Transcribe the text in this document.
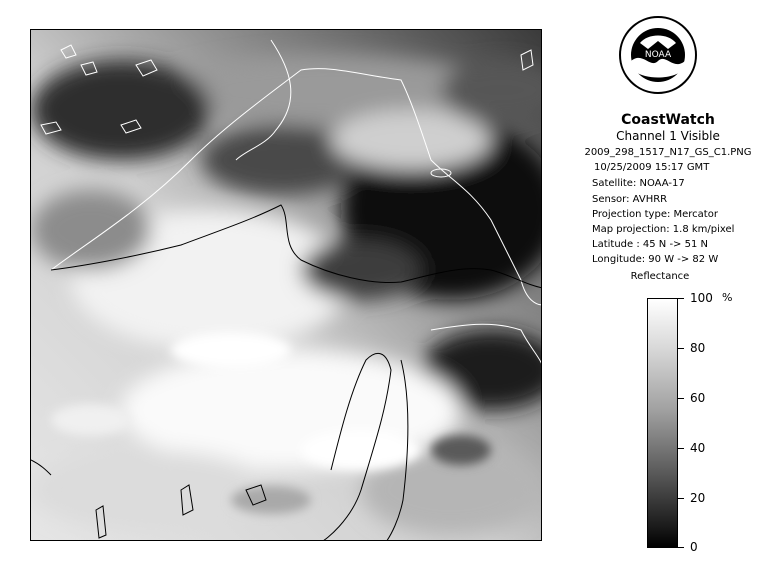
NOAA
CoastWatch
Channel 1 Visible
2009_298_1517_N17_GS_C1.PNG
10/25/2009 15:17 GMT
Satellite: NOAA-17
Sensor: AVHRR
Projection type: Mercator
Map projection: 1.8 km/pixel
Latitude : 45 N -> 51 N
Longitude: 90 W -> 82 W
Reflectance
%
100
80
60
40
20
0
